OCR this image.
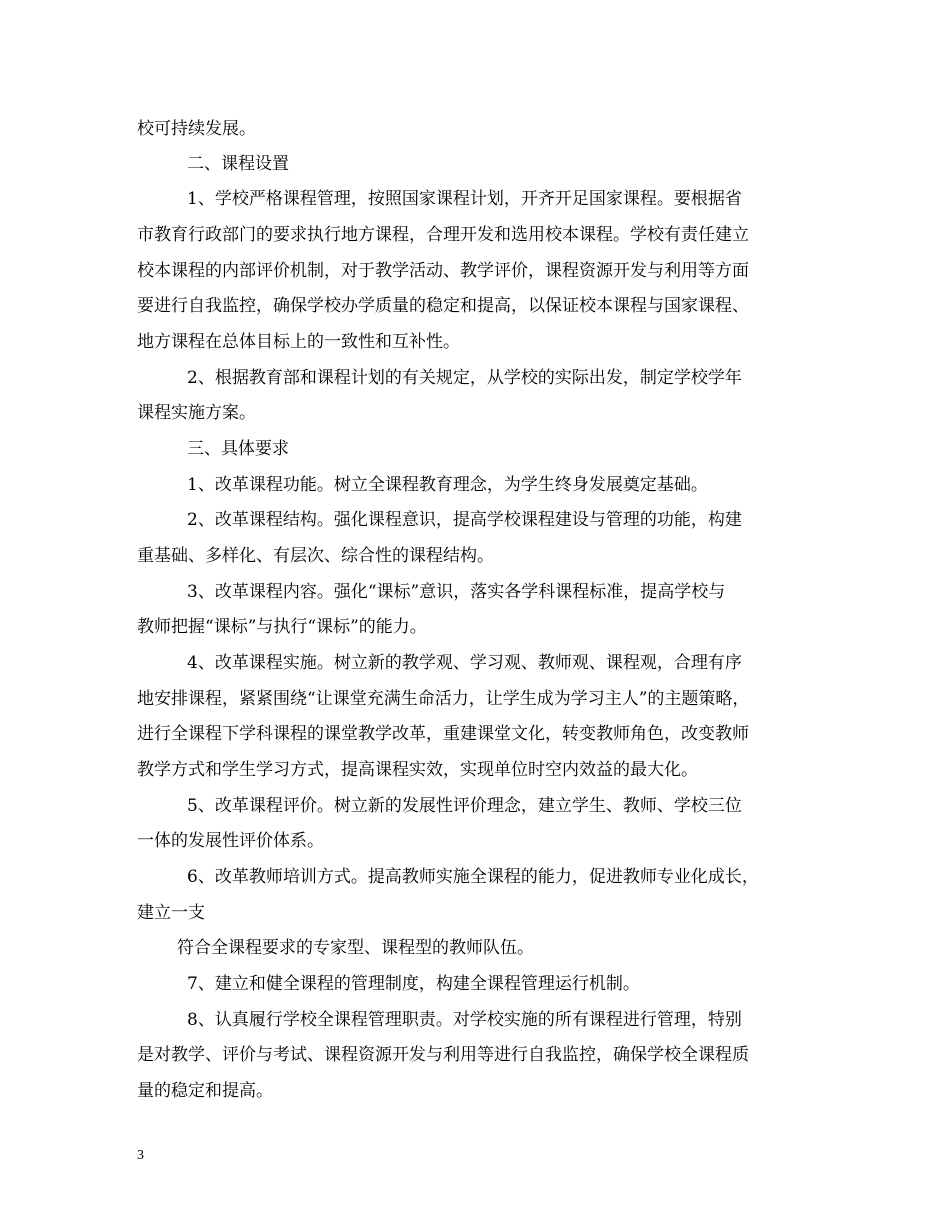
校可持续发展。
二、课程设置
1、学校严格课程管理，按照国家课程计划，开齐开足国家课程。要根据省
市教育行政部门的要求执行地方课程，合理开发和选用校本课程。学校有责任建立
校本课程的内部评价机制，对于教学活动、教学评价，课程资源开发与利用等方面
要进行自我监控，确保学校办学质量的稳定和提高，以保证校本课程与国家课程、
地方课程在总体目标上的一致性和互补性。
2、根据教育部和课程计划的有关规定，从学校的实际出发，制定学校学年
课程实施方案。
三、具体要求
1、改革课程功能。树立全课程教育理念，为学生终身发展奠定基础。
2、改革课程结构。强化课程意识，提高学校课程建设与管理的功能，构建
重基础、多样化、有层次、综合性的课程结构。
3、改革课程内容。强化“课标”意识，落实各学科课程标准，提高学校与
教师把握“课标”与执行“课标”的能力。
4、改革课程实施。树立新的教学观、学习观、教师观、课程观，合理有序
地安排课程，紧紧围绕“让课堂充满生命活力，让学生成为学习主人”的主题策略，
进行全课程下学科课程的课堂教学改革，重建课堂文化，转变教师角色，改变教师
教学方式和学生学习方式，提高课程实效，实现单位时空内效益的最大化。
5、改革课程评价。树立新的发展性评价理念，建立学生、教师、学校三位
一体的发展性评价体系。
6、改革教师培训方式。提高教师实施全课程的能力，促进教师专业化成长，
建立一支
符合全课程要求的专家型、课程型的教师队伍。
7、建立和健全课程的管理制度，构建全课程管理运行机制。
8、认真履行学校全课程管理职责。对学校实施的所有课程进行管理，特别
是对教学、评价与考试、课程资源开发与利用等进行自我监控，确保学校全课程质
量的稳定和提高。
3
